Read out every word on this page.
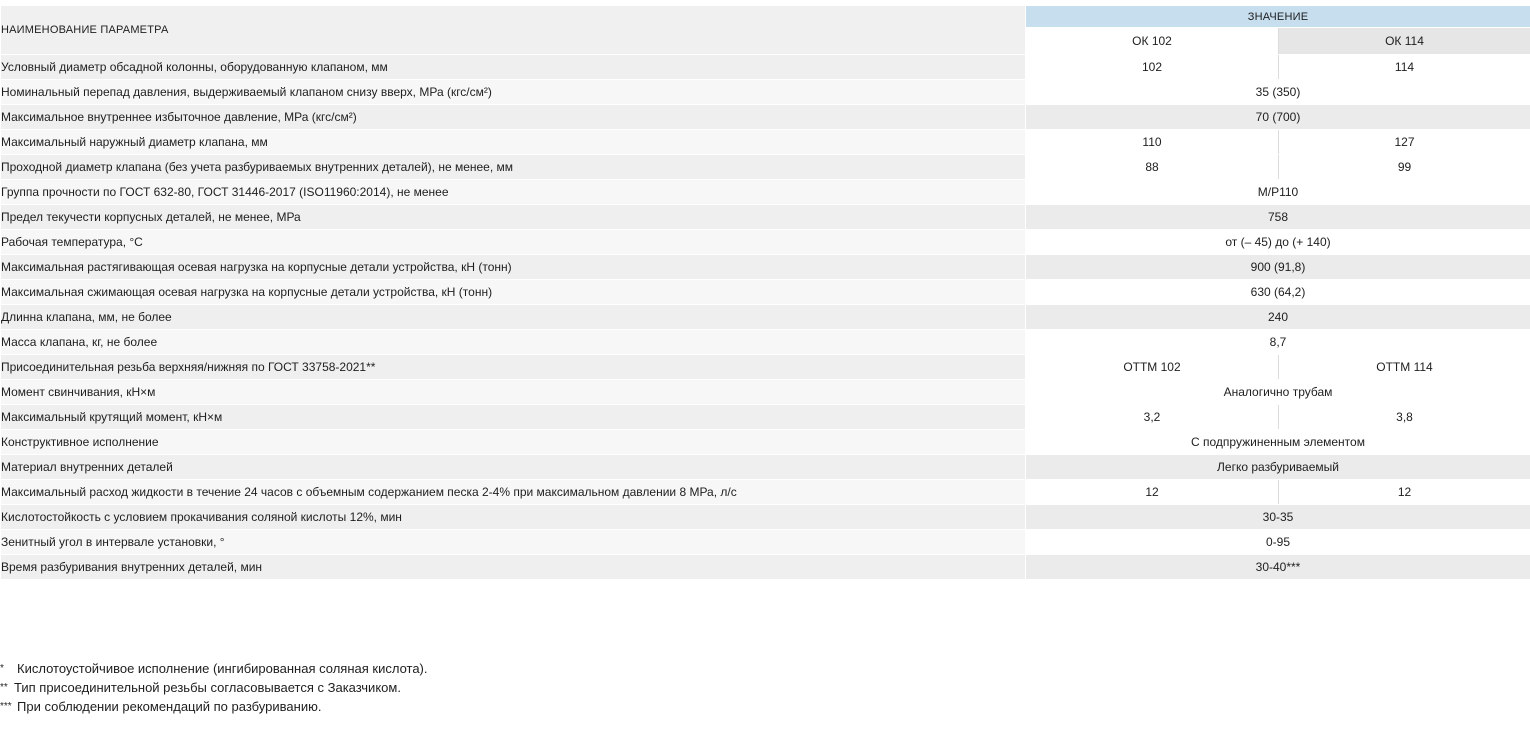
НАИМЕНОВАНИЕ ПАРАМЕТРА	ЗНАЧЕНИЕ	
	ОК 102	ОК 114
Условный диаметр обсадной колонны, оборудованную клапаном, мм	102	114
Номинальный перепад давления, выдерживаемый клапаном снизу вверх, МРа (кгс/см²)	35 (350)	
Максимальное внутреннее избыточное давление, МРа (кгс/см²)	70 (700)	
Максимальный наружный диаметр клапана, мм	110	127
Проходной диаметр клапана (без учета разбуриваемых внутренних деталей), не менее, мм	88	99
Группа прочности по ГОСТ 632-80, ГОСТ 31446-2017 (ISO11960:2014), не менее	М/Р110	
Предел текучести корпусных деталей, не менее, МРа	758	
Рабочая температура, °С	от (– 45) до (+ 140)	
Максимальная растягивающая осевая нагрузка на корпусные детали устройства, кН (тонн)	900 (91,8)	
Максимальная сжимающая осевая нагрузка на корпусные детали устройства, кН (тонн)	630 (64,2)	
Длинна клапана, мм, не более	240	
Масса клапана, кг, не более	8,7	
Присоединительная резьба верхняя/нижняя по ГОСТ 33758-2021**	ОТТМ 102	ОТТМ 114
Момент свинчивания, кН×м	Аналогично трубам	
Максимальный крутящий момент, кН×м	3,2	3,8
Конструктивное исполнение	С подпружиненным элементом	
Материал внутренних деталей	Легко разбуриваемый	
Максимальный расход жидкости в течение 24 часов с объемным содержанием песка 2-4% при максимальном давлении 8 МРа, л/с	12	12
Кислотостойкость с условием прокачивания соляной кислоты 12%, мин	30-35	
Зенитный угол в интервале установки, °	0-95	
Время разбуривания внутренних деталей, мин	30-40***	
*	Кислотоустойчивое исполнение (ингибированная соляная кислота).
** Тип присоединительной резьбы согласовывается с Заказчиком.
*** При соблюдении рекомендаций по разбуриванию.
